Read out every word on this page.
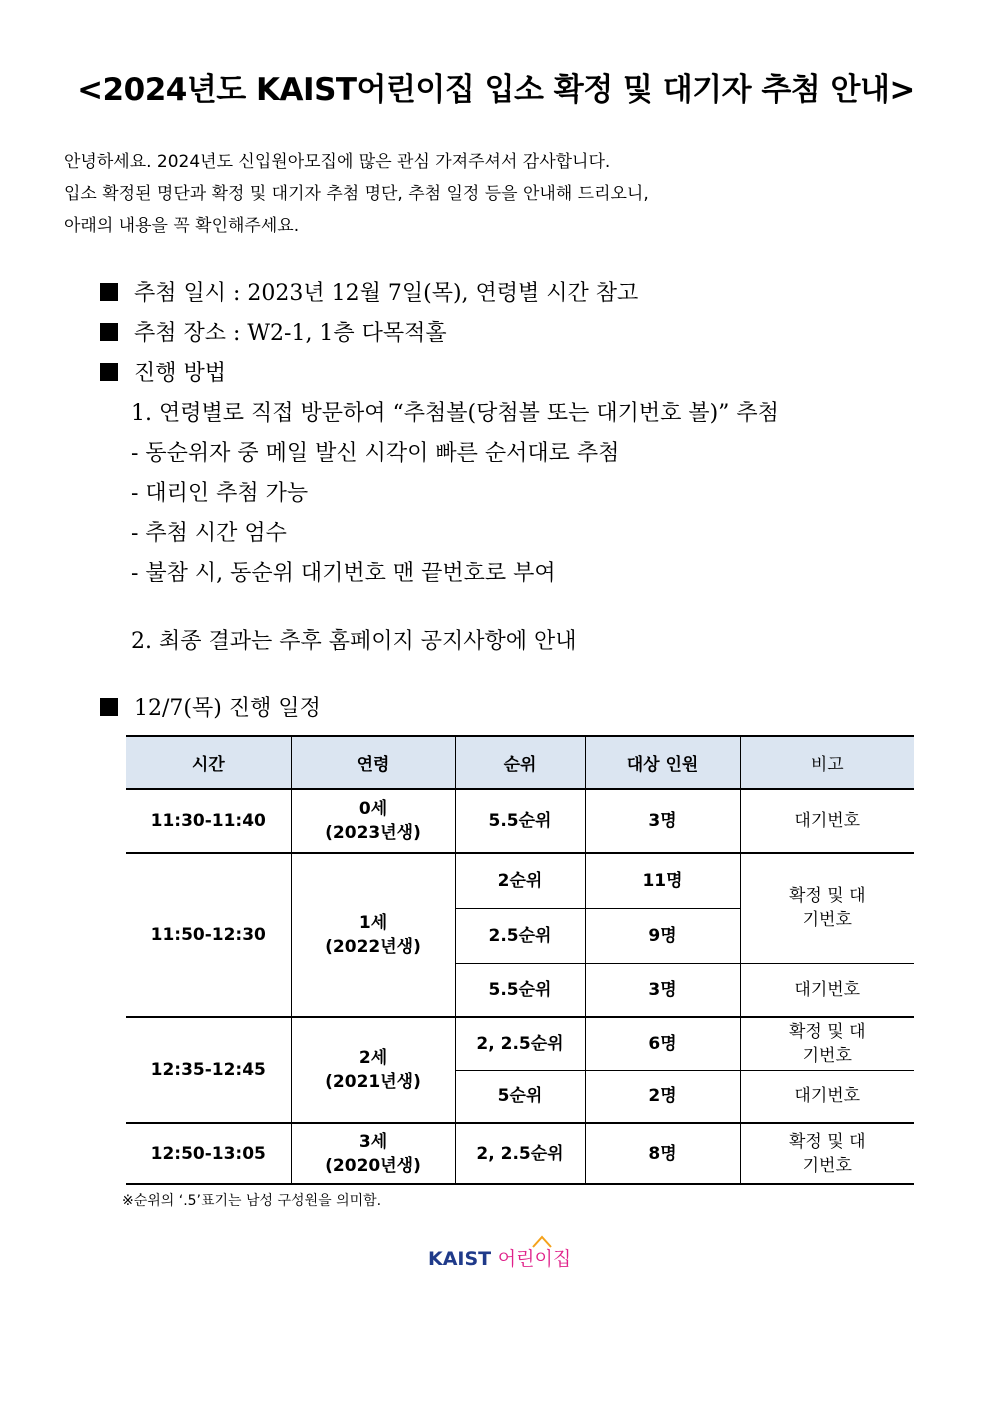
<2024년도 KAIST어린이집 입소 확정 및 대기자 추첨 안내>
안녕하세요. 2024년도 신입원아모집에 많은 관심 가져주셔서 감사합니다.
입소 확정된 명단과 확정 및 대기자 추첨 명단, 추첨 일정 등을 안내해 드리오니,
아래의 내용을 꼭 확인해주세요.
추첨 일시 : 2023년 12월 7일(목), 연령별 시간 참고
추첨 장소 : W2-1, 1층 다목적홀
진행 방법
1. 연령별로 직접 방문하여 “추첨볼(당첨볼 또는 대기번호 볼)” 추첨
- 동순위자 중 메일 발신 시각이 빠른 순서대로 추첨
- 대리인 추첨 가능
- 추첨 시간 엄수
- 불참 시, 동순위 대기번호 맨 끝번호로 부여
2. 최종 결과는 추후 홈페이지 공지사항에 안내
12/7(목) 진행 일정
시간	연령	순위	대상 인원	비고
11:30-11:40	0세
(2023년생)	5.5순위	3명	대기번호
11:50-12:30	1세
(2022년생)	2순위	11명	확정 및 대기번호

		2.5순위	9명	
		5.5순위	3명	대기번호
12:35-12:45	2세
(2021년생)	2, 2.5순위	6명	확정 및 대기번호

		5순위	2명	대기번호
12:50-13:05	3세
(2020년생)	2, 2.5순위	8명	확정 및 대기번호
※순위의 ‘.5’표기는 남성 구성원을 의미함.
KAIST 어린이집
